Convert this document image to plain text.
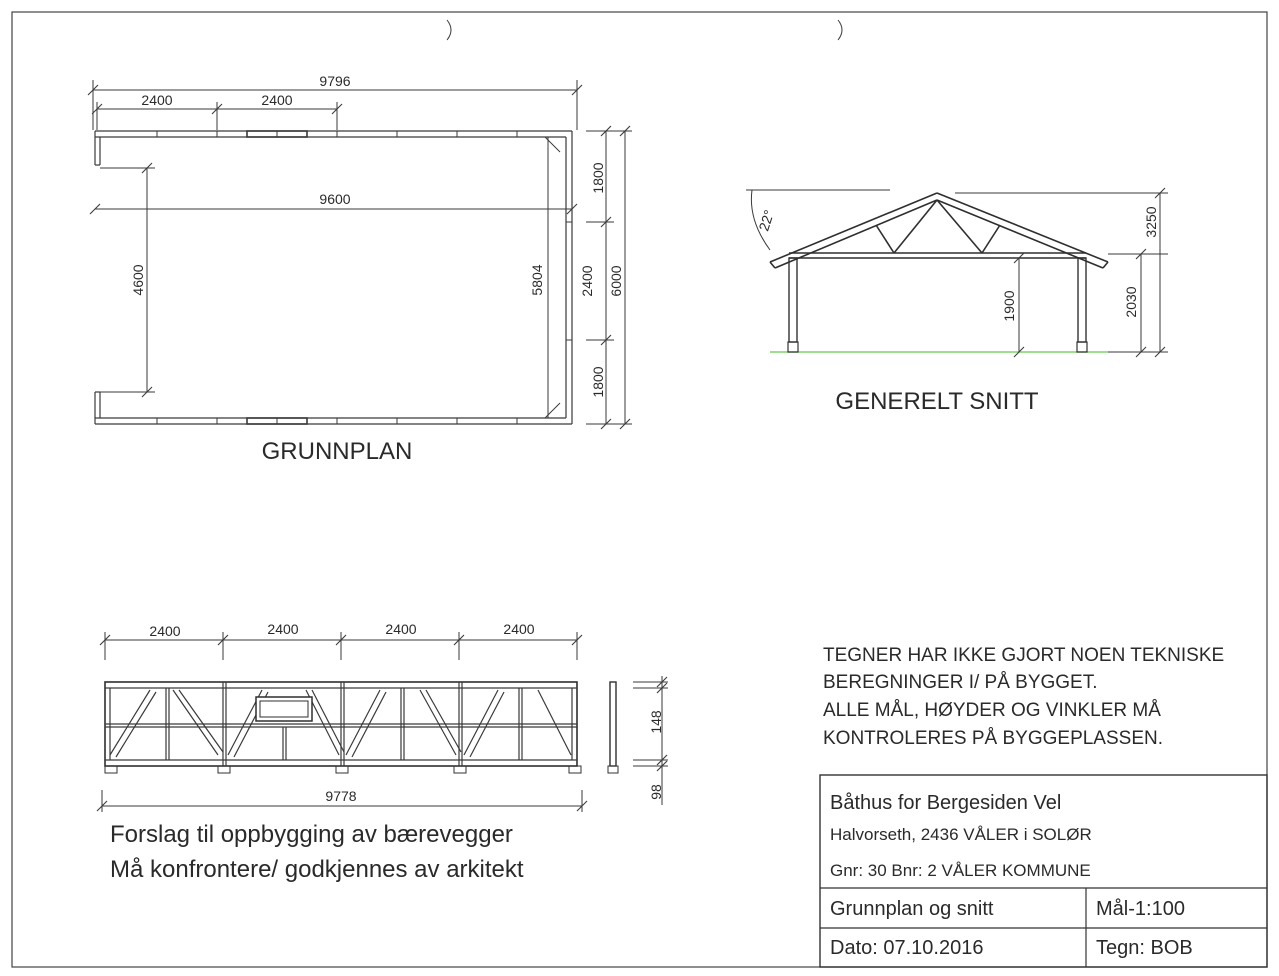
9796
2400	2400
9600
4600	5804
1800
2400
1800
6000
GRUNNPLAN
22°
1900
3250
2030
GENERELT SNITT
2400	2400	2400	2400
148
98
9778
Forslag til oppbygging av bærevegger
Må konfrontere/ godkjennes av arkitekt
TEGNER HAR IKKE GJORT NOEN TEKNISKE
BEREGNINGER I/ PÅ BYGGET.
ALLE MÅL, HØYDER OG VINKLER MÅ
KONTROLERES PÅ BYGGEPLASSEN.
Båthus for Bergesiden Vel
Halvorseth, 2436 VÅLER i SOLØR
Gnr: 30 Bnr: 2 VÅLER KOMMUNE
Grunnplan og snitt	Mål-1:100
Dato: 07.10.2016	Tegn: BOB
